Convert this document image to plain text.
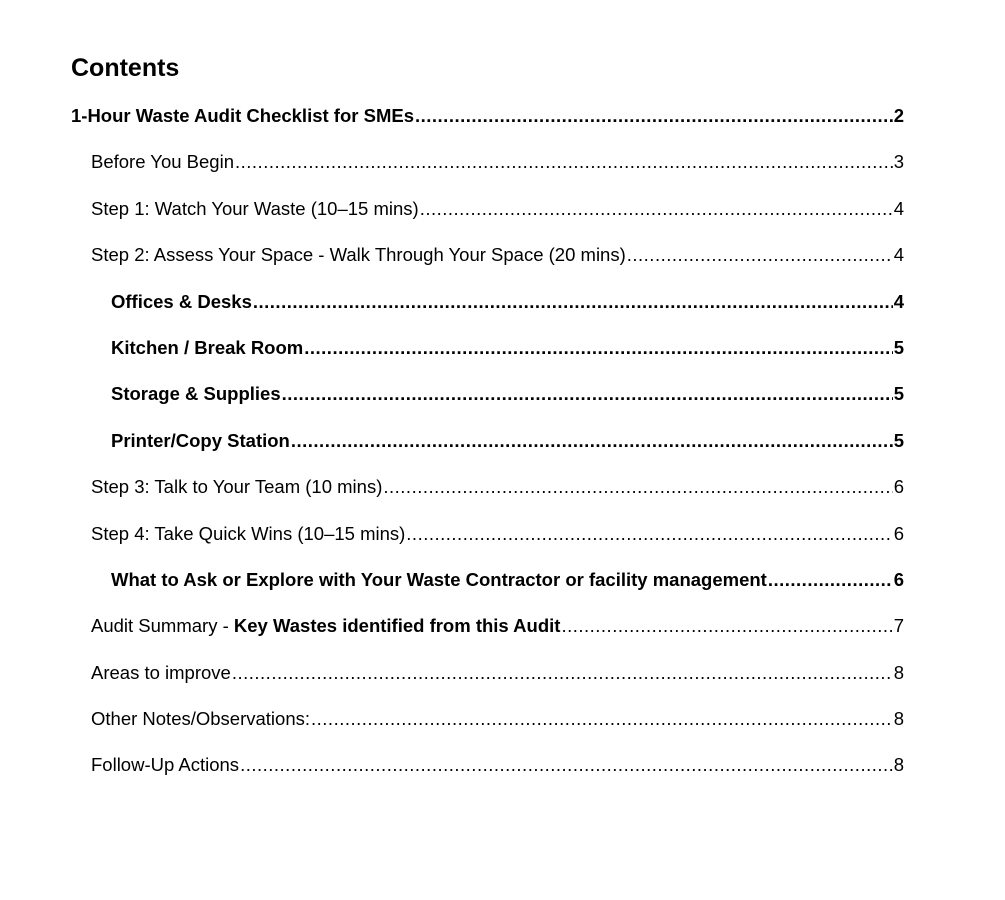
Contents
1-Hour Waste Audit Checklist for SMEs .....	2
Before You Begin .....	3
Step 1: Watch Your Waste (10–15 mins) .....	4
Step 2: Assess Your Space - Walk Through Your Space (20 mins) .....	4
Offices & Desks .....	4
Kitchen / Break Room .....	5
Storage & Supplies .....	5
Printer/Copy Station .....	5
Step 3: Talk to Your Team (10 mins) .....	6
Step 4: Take Quick Wins (10–15 mins) .....	6
What to Ask or Explore with Your Waste Contractor or facility management .....	6
Audit Summary - Key Wastes identified from this Audit .....	7
Areas to improve .....	8
Other Notes/Observations: .....	8
Follow-Up Actions .....	8
